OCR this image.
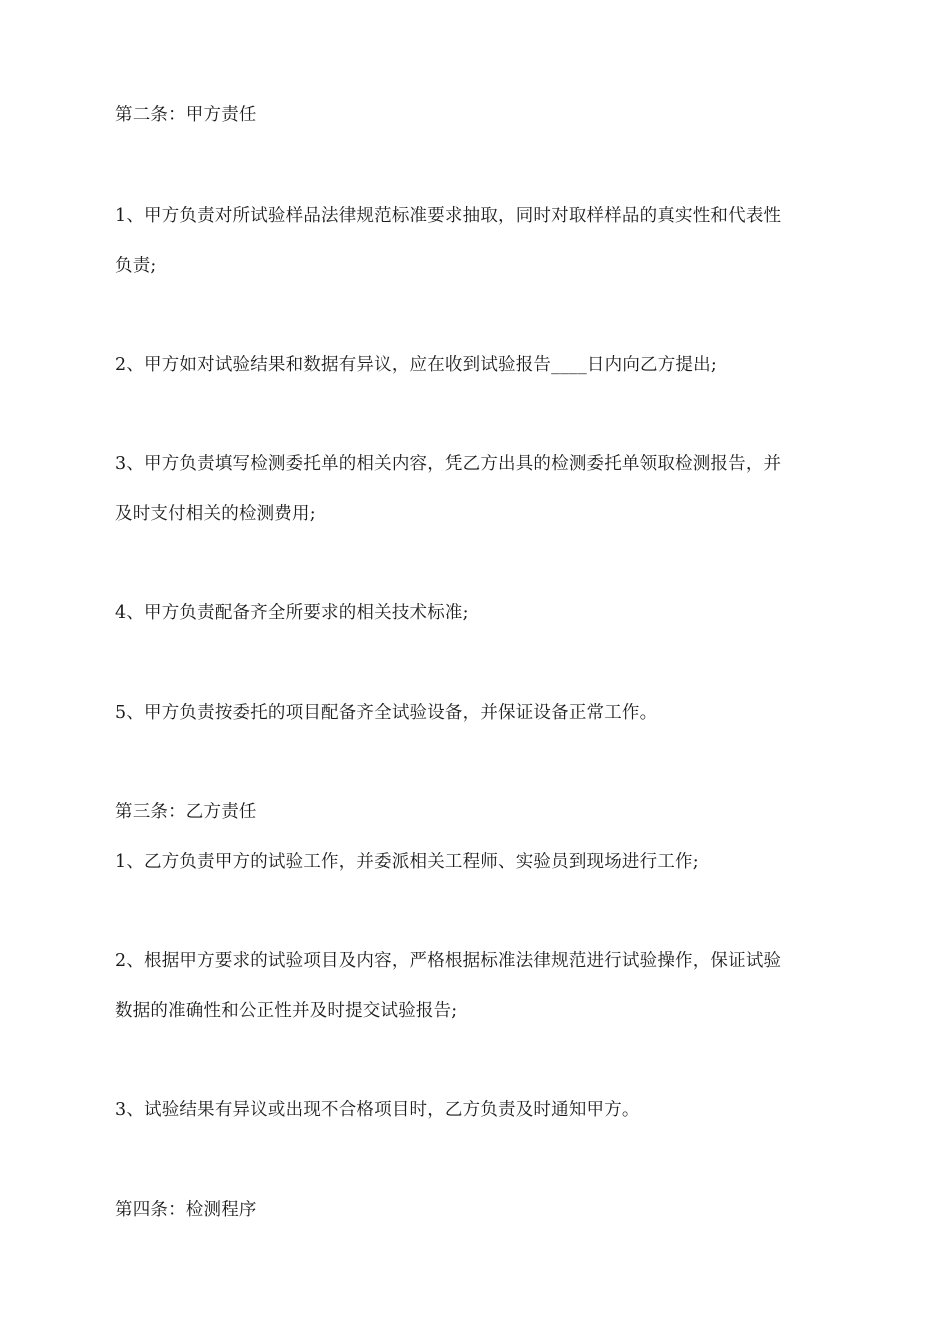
第二条：甲方责任
1、甲方负责对所试验样品法律规范标准要求抽取，同时对取样样品的真实性和代表性
负责;
2、甲方如对试验结果和数据有异议，应在收到试验报告____日内向乙方提出;
3、甲方负责填写检测委托单的相关内容，凭乙方出具的检测委托单领取检测报告，并
及时支付相关的检测费用;
4、甲方负责配备齐全所要求的相关技术标准;
5、甲方负责按委托的项目配备齐全试验设备，并保证设备正常工作。
第三条：乙方责任
1、乙方负责甲方的试验工作，并委派相关工程师、实验员到现场进行工作;
2、根据甲方要求的试验项目及内容，严格根据标准法律规范进行试验操作，保证试验
数据的准确性和公正性并及时提交试验报告;
3、试验结果有异议或出现不合格项目时，乙方负责及时通知甲方。
第四条：检测程序
